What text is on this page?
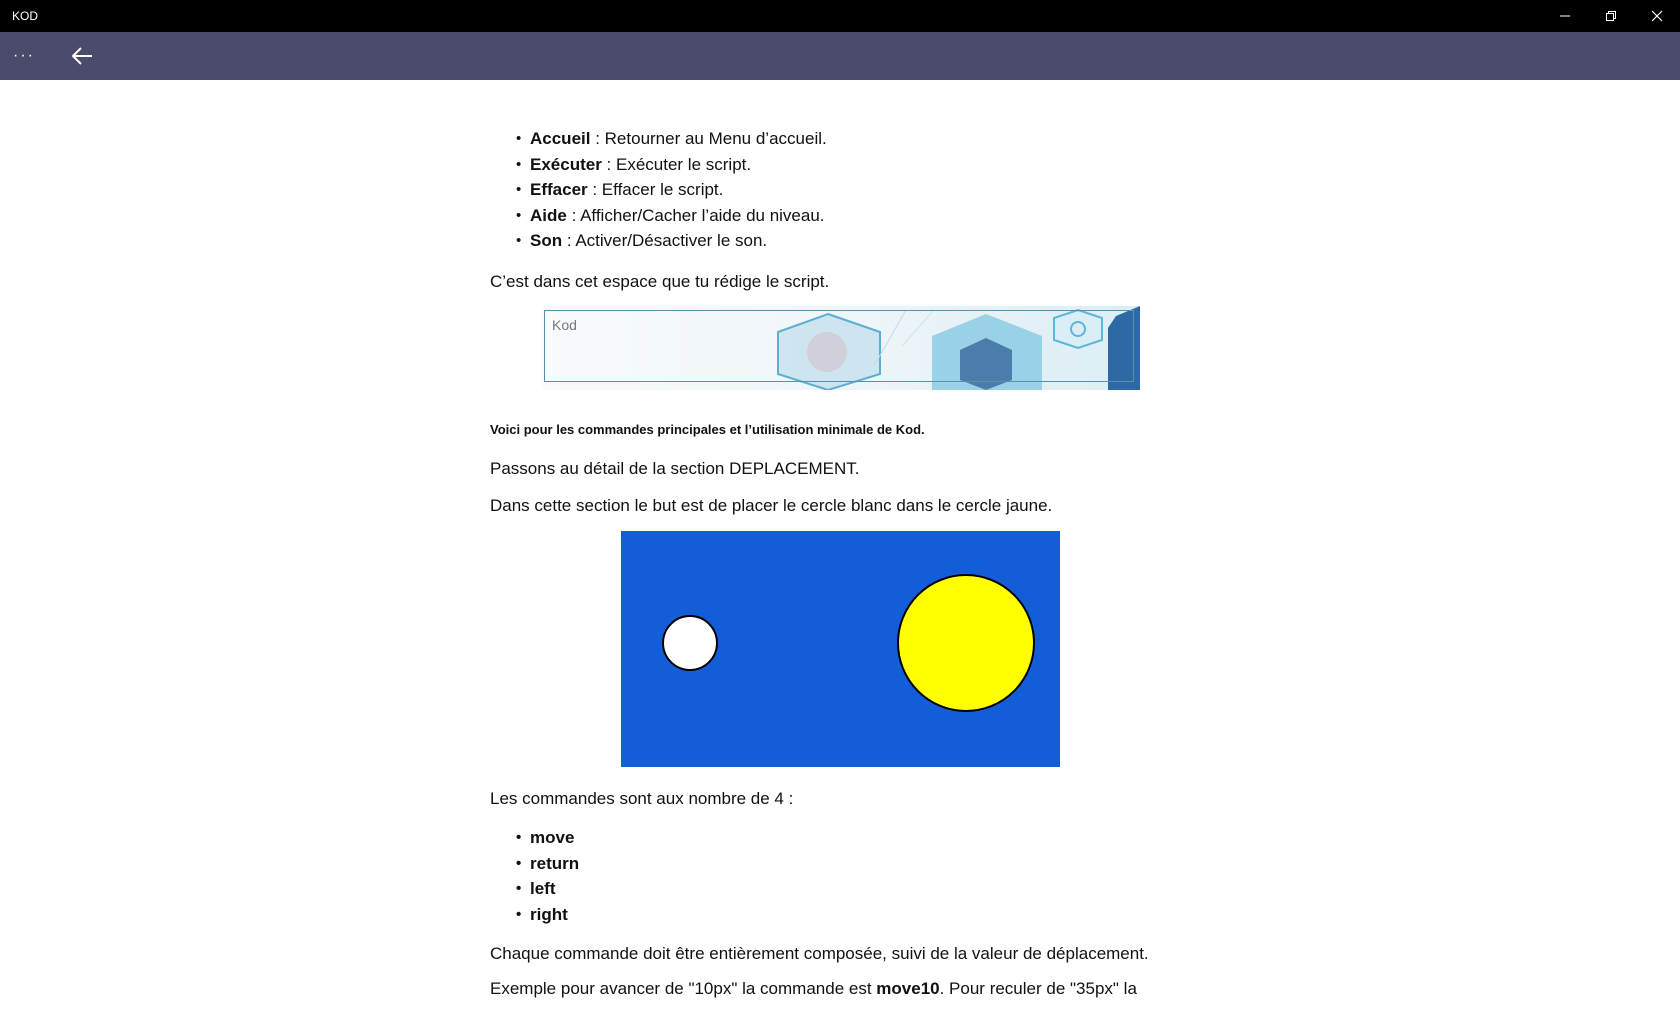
KOD
···
• Accueil : Retourner au Menu d’accueil.
• Exécuter : Exécuter le script.
• Effacer : Effacer le script.
• Aide : Afficher/Cacher l’aide du niveau.
• Son : Activer/Désactiver le son.
C’est dans cet espace que tu rédige le script.
Kod
Voici pour les commandes principales et l’utilisation minimale de Kod.
Passons au détail de la section DEPLACEMENT.
Dans cette section le but est de placer le cercle blanc dans le cercle jaune.
Les commandes sont aux nombre de 4 :
• move
• return
• left
• right
Chaque commande doit être entièrement composée, suivi de la valeur de déplacement.
Exemple pour avancer de "10px" la commande est move10. Pour reculer de "35px" la
